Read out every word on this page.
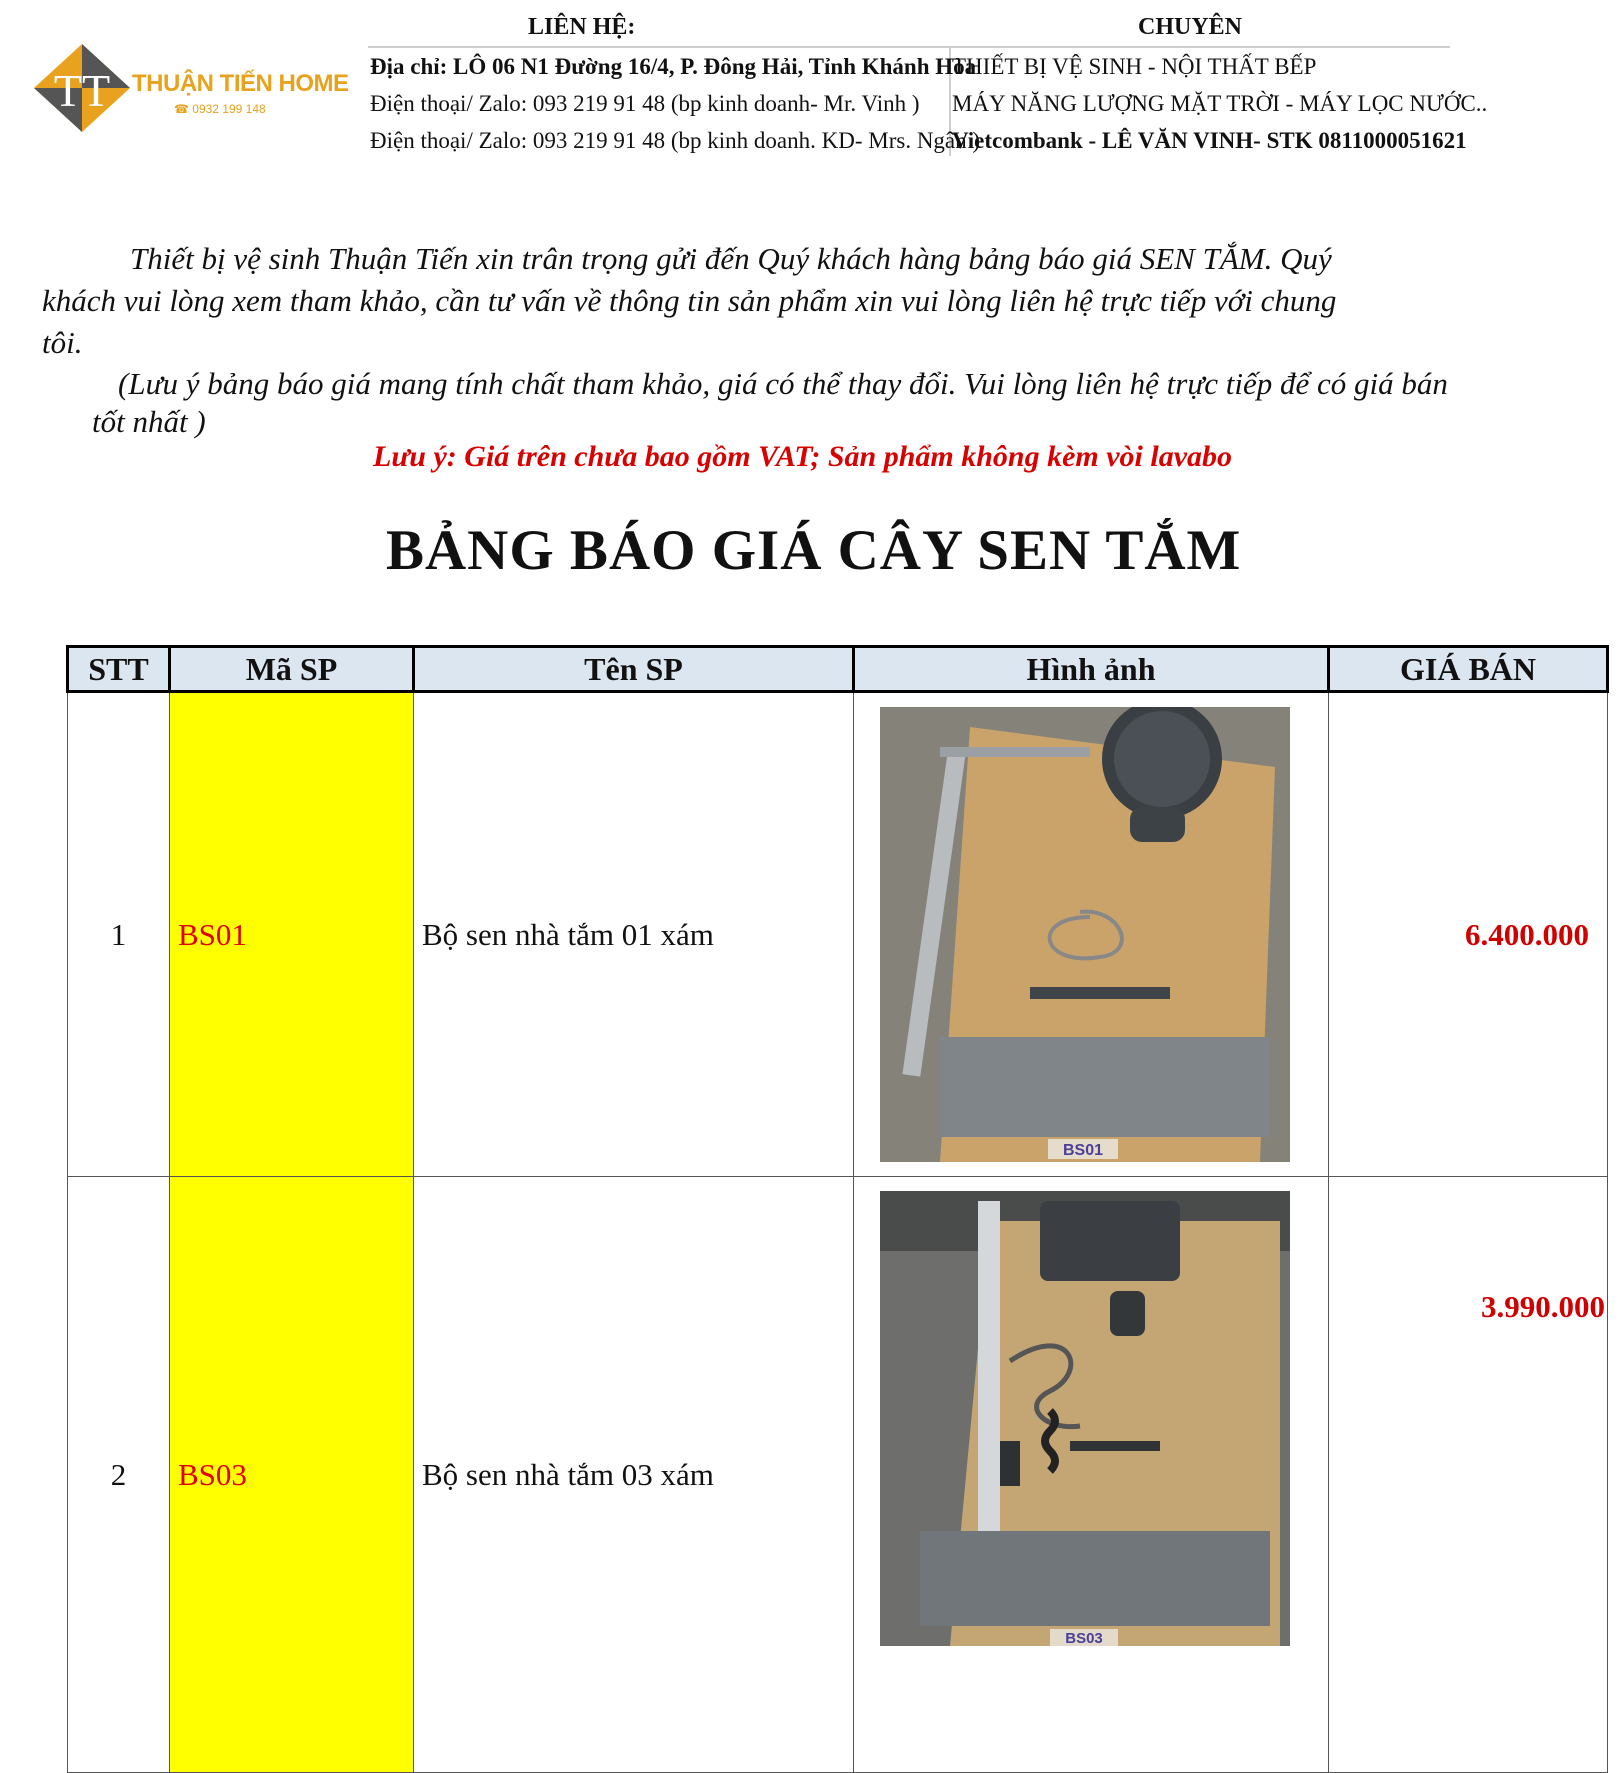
TT THUẬN TIẾN HOME
☎ 0932 199 148
LIÊN HỆ:	CHUYÊN
Địa chỉ: LÔ 06 N1 Đường 16/4, P. Đông Hải, Tỉnh Khánh Hòa
Điện thoại/ Zalo: 093 219 91 48 (bp kinh doanh- Mr. Vinh )
Điện thoại/ Zalo: 093 219 91 48 (bp kinh doanh. KD- Mrs. Ngân )
THIẾT BỊ VỆ SINH - NỘI THẤT BẾP
MÁY NĂNG LƯỢNG MẶT TRỜI - MÁY LỌC NƯỚC..
Vietcombank - LÊ VĂN VINH- STK 0811000051621
Thiết bị vệ sinh Thuận Tiến xin trân trọng gửi đến Quý khách hàng bảng báo giá SEN TẮM. Quý
khách vui lòng xem tham khảo, cần tư vấn về thông tin sản phẩm xin vui lòng liên hệ trực tiếp với chung
tôi.
(Lưu ý bảng báo giá mang tính chất tham khảo, giá có thể thay đổi. Vui lòng liên hệ trực tiếp để có giá bán
tốt nhất )
Lưu ý: Giá trên chưa bao gồm VAT; Sản phẩm không kèm vòi lavabo
BẢNG BÁO GIÁ CÂY SEN TẮM
STT	Mã SP	Tên SP	Hình ảnh	GIÁ BÁN
1	BS01	Bộ sen nhà tắm 01 xám	BS01	6.400.000
2	BS03	Bộ sen nhà tắm 03 xám	BS03	3.990.000
